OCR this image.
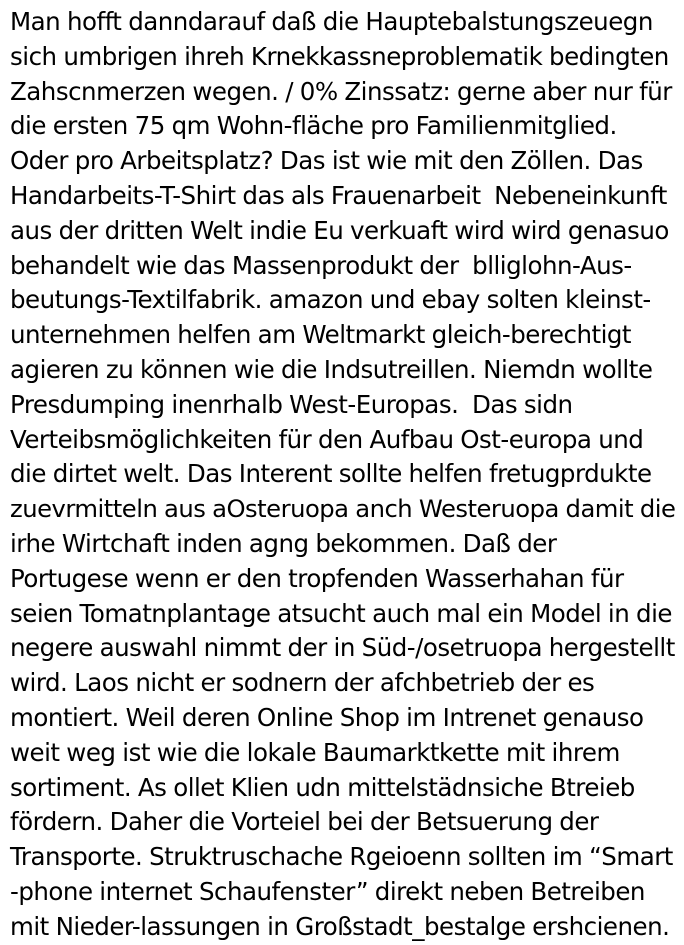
Man hofft danndarauf daß die Hauptebalstungszeuegn
sich umbrigen ihreh Krnekkassneproblematik bedingten
Zahscnmerzen wegen. / 0% Zinssatz: gerne aber nur für
die ersten 75 qm Wohn-fläche pro Familienmitglied.
Oder pro Arbeitsplatz? Das ist wie mit den Zöllen. Das
Handarbeits-T-Shirt das als Frauenarbeit  Nebeneinkunft
aus der dritten Welt indie Eu verkuaft wird wird genasuo
behandelt wie das Massenprodukt der  blliglohn-Aus-
beutungs-Textilfabrik. amazon und ebay solten kleinst-
unternehmen helfen am Weltmarkt gleich-berechtigt
agieren zu können wie die Indsutreillen. Niemdn wollte
Presdumping inenrhalb West-Europas.  Das sidn
Verteibsmöglichkeiten für den Aufbau Ost-europa und
die dirtet welt. Das Interent sollte helfen fretugprdukte
zuevrmitteln aus aOsteruopa anch Westeruopa damit die
irhe Wirtchaft inden agng bekommen. Daß der
Portugese wenn er den tropfenden Wasserhahan für
seien Tomatnplantage atsucht auch mal ein Model in die
negere auswahl nimmt der in Süd-/osetruopa hergestellt
wird. Laos nicht er sodnern der afchbetrieb der es
montiert. Weil deren Online Shop im Intrenet genauso
weit weg ist wie die lokale Baumarktkette mit ihrem
sortiment. As ollet Klien udn mittelstädnsiche Btreieb
fördern. Daher die Vorteiel bei der Betsuerung der
Transporte. Struktruschache Rgeioenn sollten im “Smart
-phone internet Schaufenster” direkt neben Betreiben
mit Nieder-lassungen in Großstadt_bestalge ershcienen.
